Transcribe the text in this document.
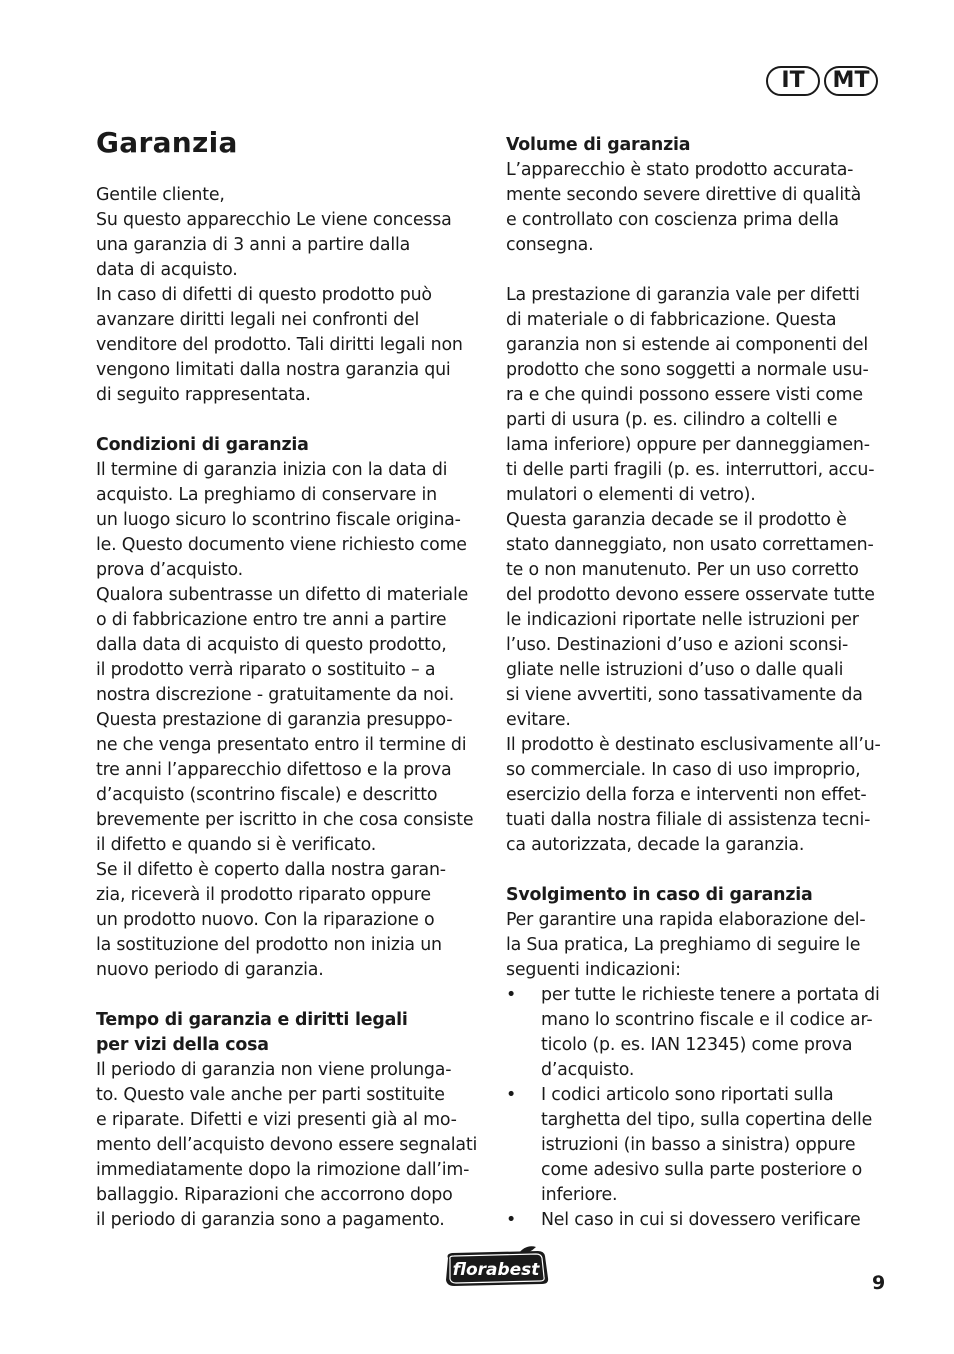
IT	MT
Garanzia

Gentile cliente,

Su questo apparecchio Le viene concessa

una garanzia di 3 anni a partire dalla

data di acquisto.

In caso di difetti di questo prodotto può

avanzare diritti legali nei confronti del

venditore del prodotto. Tali diritti legali non

vengono limitati dalla nostra garanzia qui

di seguito rappresentata.

Condizioni di garanzia

Il termine di garanzia inizia con la data di

acquisto. La preghiamo di conservare in

un luogo sicuro lo scontrino fiscale origina-

le. Questo documento viene richiesto come

prova d’acquisto.

Qualora subentrasse un difetto di materiale

o di fabbricazione entro tre anni a partire

dalla data di acquisto di questo prodotto,

il prodotto verrà riparato o sostituito – a

nostra discrezione - gratuitamente da noi.

Questa prestazione di garanzia presuppo-

ne che venga presentato entro il termine di

tre anni l’apparecchio difettoso e la prova

d’acquisto (scontrino fiscale) e descritto

brevemente per iscritto in che cosa consiste

il difetto e quando si è verificato.

Se il difetto è coperto dalla nostra garan-

zia, riceverà il prodotto riparato oppure

un prodotto nuovo. Con la riparazione o

la sostituzione del prodotto non inizia un

nuovo periodo di garanzia.

Tempo di garanzia e diritti legali
per vizi della cosa

Il periodo di garanzia non viene prolunga-

to. Questo vale anche per parti sostituite

e riparate. Difetti e vizi presenti già al mo-

mento dell’acquisto devono essere segnalati

immediatamente dopo la rimozione dall’im-

ballaggio. Riparazioni che accorrono dopo

il periodo di garanzia sono a pagamento.

Volume di garanzia

L’apparecchio è stato prodotto accurata-

mente secondo severe direttive di qualità

e controllato con coscienza prima della

consegna.

La prestazione di garanzia vale per difetti

di materiale o di fabbricazione. Questa

garanzia non si estende ai componenti del

prodotto che sono soggetti a normale usu-

ra e che quindi possono essere visti come

parti di usura (p. es. cilindro a coltelli e

lama inferiore) oppure per danneggiamen-

ti delle parti fragili (p. es. interruttori, accu-

mulatori o elementi di vetro).

Questa garanzia decade se il prodotto è

stato danneggiato, non usato correttamen-

te o non manutenuto. Per un uso corretto

del prodotto devono essere osservate tutte

le indicazioni riportate nelle istruzioni per

l’uso. Destinazioni d’uso e azioni sconsi-

gliate nelle istruzioni d’uso o dalle quali

si viene avvertiti, sono tassativamente da

evitare.

Il prodotto è destinato esclusivamente all’u-

so commerciale. In caso di uso improprio,

esercizio della forza e interventi non effet-

tuati dalla nostra filiale di assistenza tecni-

ca autorizzata, decade la garanzia.

Svolgimento in caso di garanzia

Per garantire una rapida elaborazione del-

la Sua pratica, La preghiamo di seguire le

seguenti indicazioni:

• per tutte le richieste tenere a portata di
mano lo scontrino fiscale e il codice ar-
ticolo (p. es. IAN 12345) come prova
d’acquisto.
• I codici articolo sono riportati sulla
targhetta del tipo, sulla copertina delle
istruzioni (in basso a sinistra) oppure
come adesivo sulla parte posteriore o
inferiore.
• Nel caso in cui si dovessero verificare
florabest
9
